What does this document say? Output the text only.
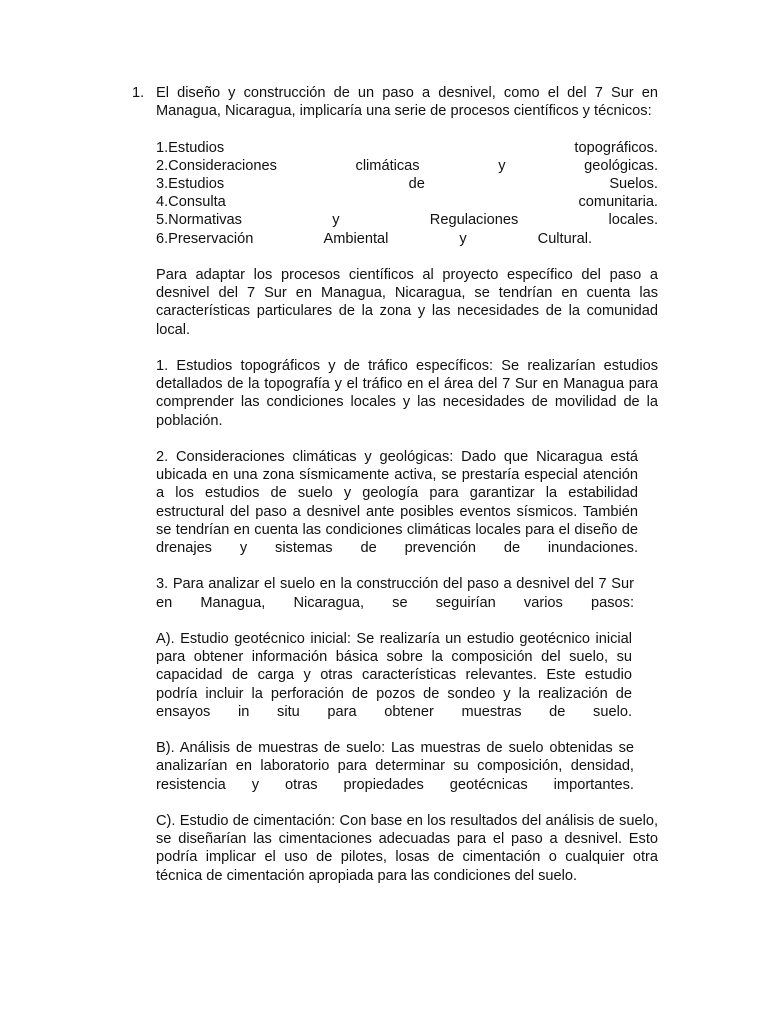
1. El diseño y construcción de un paso a desnivel, como el del 7 Sur en Managua, Nicaragua, implicaría una serie de procesos científicos y técnicos:

1.Estudios topográficos.
2.Consideraciones climáticas y geológicas.
3.Estudios de Suelos.
4.Consulta comunitaria.
5.Normativas y Regulaciones locales.
6.Preservación Ambiental y Cultural.

Para adaptar los procesos científicos al proyecto específico del paso a desnivel del 7 Sur en Managua, Nicaragua, se tendrían en cuenta las características particulares de la zona y las necesidades de la comunidad local.

1. Estudios topográficos y de tráfico específicos: Se realizarían estudios detallados de la topografía y el tráfico en el área del 7 Sur en Managua para comprender las condiciones locales y las necesidades de movilidad de la población.

2. Consideraciones climáticas y geológicas: Dado que Nicaragua está ubicada en una zona sísmicamente activa, se prestaría especial atención a los estudios de suelo y geología para garantizar la estabilidad estructural del paso a desnivel ante posibles eventos sísmicos. También se tendrían en cuenta las condiciones climáticas locales para el diseño de drenajes y sistemas de prevención de inundaciones.

3. Para analizar el suelo en la construcción del paso a desnivel del 7 Sur en Managua, Nicaragua, se seguirían varios pasos:

A). Estudio geotécnico inicial: Se realizaría un estudio geotécnico inicial para obtener información básica sobre la composición del suelo, su capacidad de carga y otras características relevantes. Este estudio podría incluir la perforación de pozos de sondeo y la realización de ensayos in situ para obtener muestras de suelo.

B). Análisis de muestras de suelo: Las muestras de suelo obtenidas se analizarían en laboratorio para determinar su composición, densidad, resistencia y otras propiedades geotécnicas importantes.

C). Estudio de cimentación: Con base en los resultados del análisis de suelo, se diseñarían las cimentaciones adecuadas para el paso a desnivel. Esto podría implicar el uso de pilotes, losas de cimentación o cualquier otra técnica de cimentación apropiada para las condiciones del suelo.
